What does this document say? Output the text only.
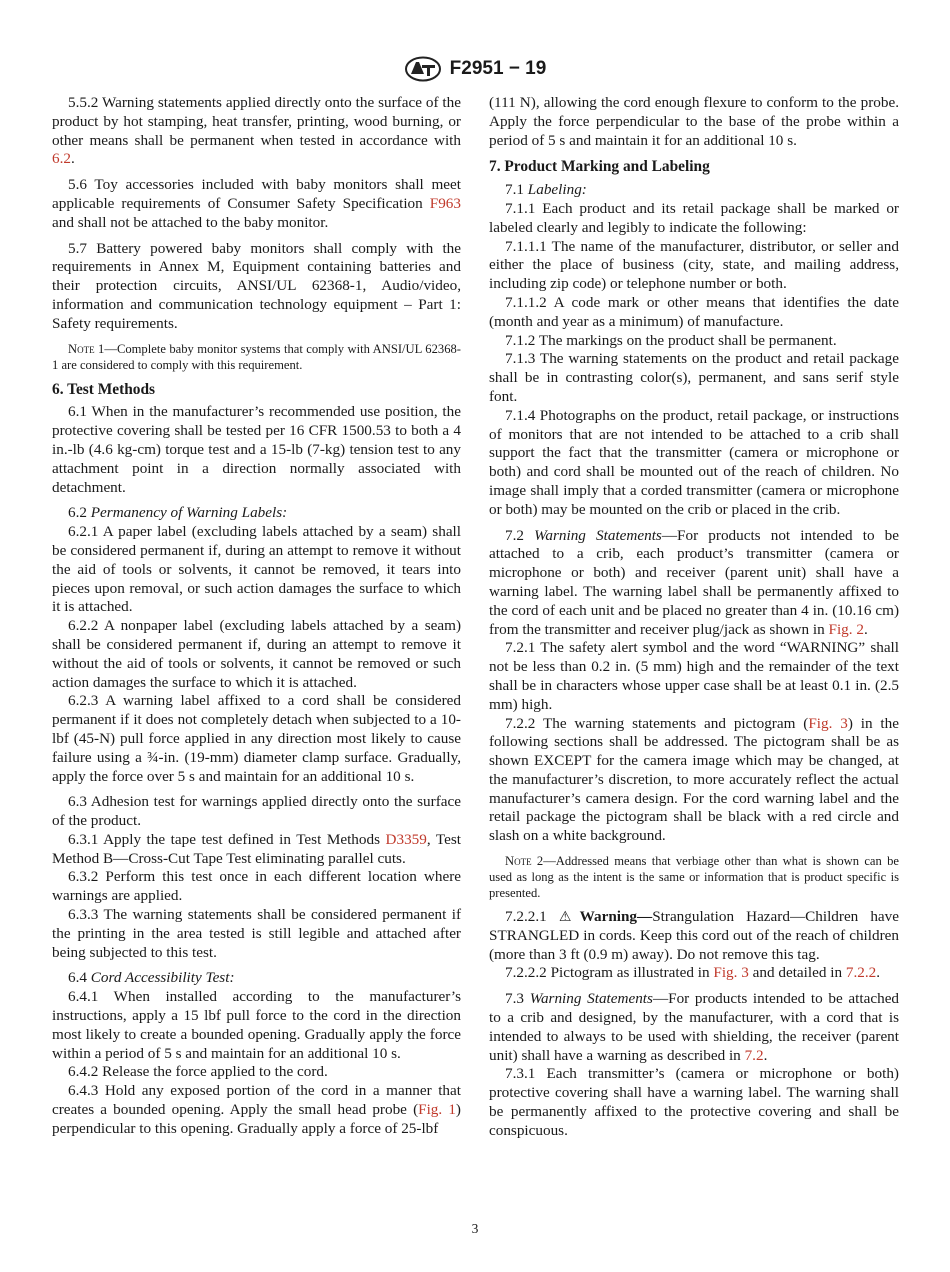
F2951 − 19

5.5.2 Warning statements applied directly onto the surface of the product by hot stamping, heat transfer, printing, wood burning, or other means shall be permanent when tested in accordance with 6.2.

5.6 Toy accessories included with baby monitors shall meet applicable requirements of Consumer Safety Specification F963 and shall not be attached to the baby monitor.

5.7 Battery powered baby monitors shall comply with the requirements in Annex M, Equipment containing batteries and their protection circuits, ANSI/UL 62368-1, Audio/video, information and communication technology equipment – Part 1: Safety requirements.

Note 1—Complete baby monitor systems that comply with ANSI/UL 62368-1 are considered to comply with this requirement.

6. Test Methods

6.1 When in the manufacturer’s recommended use position, the protective covering shall be tested per 16 CFR 1500.53 to both a 4 in.-lb (4.6 kg-cm) torque test and a 15-lb (7-kg) tension test to any attachment point in a direction normally associated with detachment.

6.2 Permanency of Warning Labels:

6.2.1 A paper label (excluding labels attached by a seam) shall be considered permanent if, during an attempt to remove it without the aid of tools or solvents, it cannot be removed, it tears into pieces upon removal, or such action damages the surface to which it is attached.

6.2.2 A nonpaper label (excluding labels attached by a seam) shall be considered permanent if, during an attempt to remove it without the aid of tools or solvents, it cannot be removed or such action damages the surface to which it is attached.

6.2.3 A warning label affixed to a cord shall be considered permanent if it does not completely detach when subjected to a 10-lbf (45-N) pull force applied in any direction most likely to cause failure using a ¾-in. (19-mm) diameter clamp surface. Gradually, apply the force over 5 s and maintain for an additional 10 s.

6.3 Adhesion test for warnings applied directly onto the surface of the product.

6.3.1 Apply the tape test defined in Test Methods D3359, Test Method B—Cross-Cut Tape Test eliminating parallel cuts.

6.3.2 Perform this test once in each different location where warnings are applied.

6.3.3 The warning statements shall be considered permanent if the printing in the area tested is still legible and attached after being subjected to this test.

6.4 Cord Accessibility Test:

6.4.1 When installed according to the manufacturer’s instructions, apply a 15 lbf pull force to the cord in the direction most likely to create a bounded opening. Gradually apply the force within a period of 5 s and maintain for an additional 10 s.

6.4.2 Release the force applied to the cord.

6.4.3 Hold any exposed portion of the cord in a manner that creates a bounded opening. Apply the small head probe (Fig. 1) perpendicular to this opening. Gradually apply a force of 25-lbf

(111 N), allowing the cord enough flexure to conform to the probe. Apply the force perpendicular to the base of the probe within a period of 5 s and maintain it for an additional 10 s.

7. Product Marking and Labeling

7.1 Labeling:

7.1.1 Each product and its retail package shall be marked or labeled clearly and legibly to indicate the following:

7.1.1.1 The name of the manufacturer, distributor, or seller and either the place of business (city, state, and mailing address, including zip code) or telephone number or both.

7.1.1.2 A code mark or other means that identifies the date (month and year as a minimum) of manufacture.

7.1.2 The markings on the product shall be permanent.

7.1.3 The warning statements on the product and retail package shall be in contrasting color(s), permanent, and sans serif style font.

7.1.4 Photographs on the product, retail package, or instructions of monitors that are not intended to be attached to a crib shall support the fact that the transmitter (camera or microphone or both) and cord shall be mounted out of the reach of children. No image shall imply that a corded transmitter (camera or microphone or both) may be mounted on the crib or placed in the crib.

7.2 Warning Statements—For products not intended to be attached to a crib, each product’s transmitter (camera or microphone or both) and receiver (parent unit) shall have a warning label. The warning label shall be permanently affixed to the cord of each unit and be placed no greater than 4 in. (10.16 cm) from the transmitter and receiver plug/jack as shown in Fig. 2.

7.2.1 The safety alert symbol and the word “WARNING” shall not be less than 0.2 in. (5 mm) high and the remainder of the text shall be in characters whose upper case shall be at least 0.1 in. (2.5 mm) high.

7.2.2 The warning statements and pictogram (Fig. 3) in the following sections shall be addressed. The pictogram shall be as shown EXCEPT for the camera image which may be changed, at the manufacturer’s discretion, to more accurately reflect the actual manufacturer’s camera design. For the cord warning label and the retail package the pictogram shall be black with a red circle and slash on a white background.

Note 2—Addressed means that verbiage other than what is shown can be used as long as the intent is the same or information that is product specific is presented.

7.2.2.1 ⚠Warning—Strangulation Hazard—Children have STRANGLED in cords. Keep this cord out of the reach of children (more than 3 ft (0.9 m) away). Do not remove this tag.

7.2.2.2 Pictogram as illustrated in Fig. 3 and detailed in 7.2.2.

7.3 Warning Statements—For products intended to be attached to a crib and designed, by the manufacturer, with a cord that is intended to always to be used with shielding, the receiver (parent unit) shall have a warning as described in 7.2.

7.3.1 Each transmitter’s (camera or microphone or both) protective covering shall have a warning label. The warning shall be permanently affixed to the protective covering and shall be conspicuous.

3
